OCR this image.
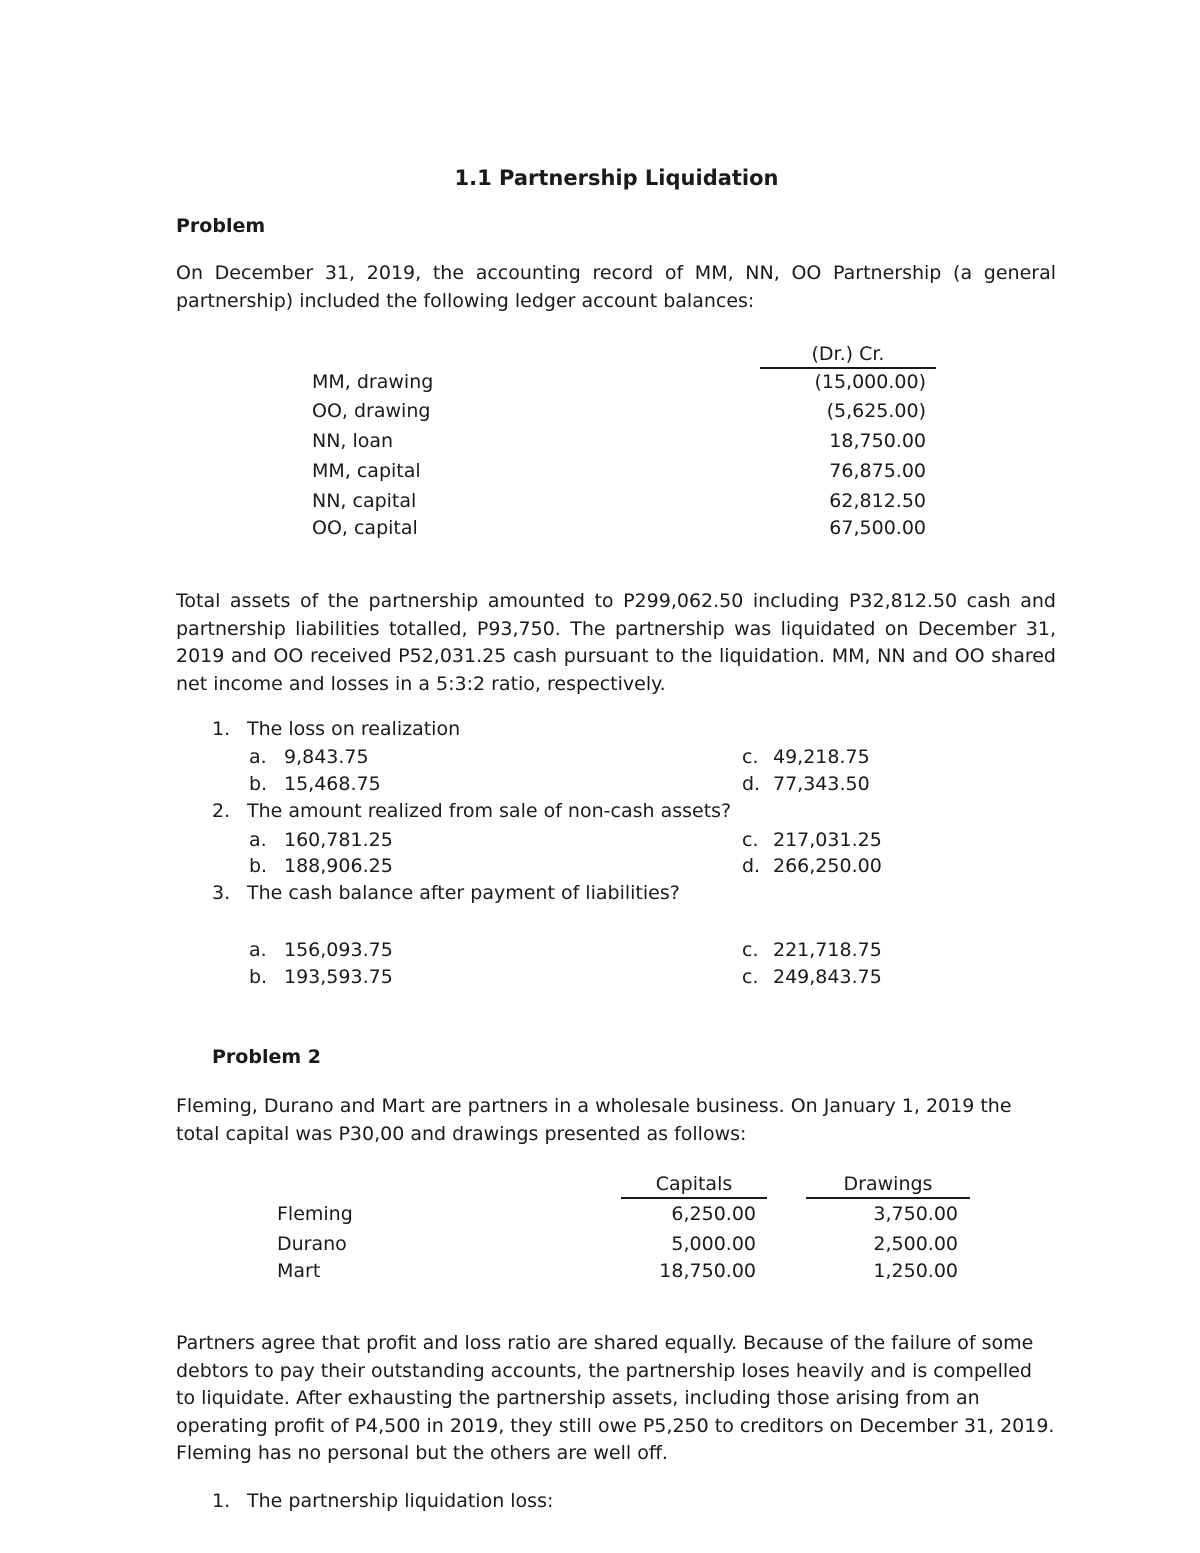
1.1 Partnership Liquidation
Problem
On December 31, 2019, the accounting record of MM, NN, OO Partnership (a general partnership) included the following ledger account balances:
(Dr.) Cr.
MM, drawing	(15,000.00)
OO, drawing	(5,625.00)
NN, loan	18,750.00
MM, capital	76,875.00
NN, capital	62,812.50
OO, capital	67,500.00
Total assets of the partnership amounted to P299,062.50 including P32,812.50 cash and partnership liabilities totalled, P93,750. The partnership was liquidated on December 31, 2019 and OO received P52,031.25 cash pursuant to the liquidation. MM, NN and OO shared net income and losses in a 5:3:2 ratio, respectively.
1. The loss on realization
a. 9,843.75	c. 49,218.75
b. 15,468.75	d. 77,343.50
2. The amount realized from sale of non-cash assets?
a. 160,781.25	c. 217,031.25
b. 188,906.25	d. 266,250.00
3. The cash balance after payment of liabilities?
a. 156,093.75	c. 221,718.75
b. 193,593.75	c. 249,843.75
Problem 2
Fleming, Durano and Mart are partners in a wholesale business. On January 1, 2019 the total capital was P30,00 and drawings presented as follows:
Capitals	Drawings
Fleming	6,250.00	3,750.00
Durano	5,000.00	2,500.00
Mart	18,750.00	1,250.00
Partners agree that profit and loss ratio are shared equally. Because of the failure of some debtors to pay their outstanding accounts, the partnership loses heavily and is compelled to liquidate. After exhausting the partnership assets, including those arising from an operating profit of P4,500 in 2019, they still owe P5,250 to creditors on December 31, 2019. Fleming has no personal but the others are well off.
1. The partnership liquidation loss:
